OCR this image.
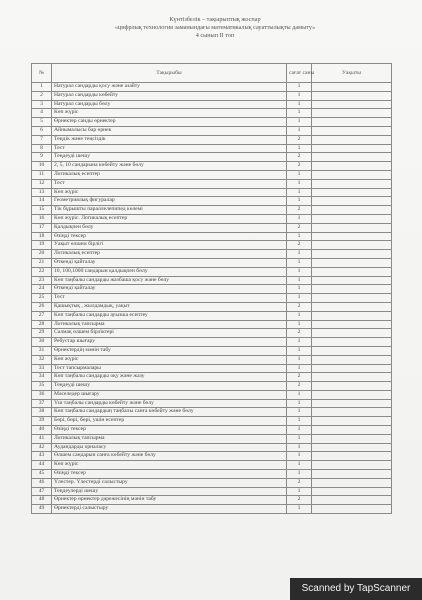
Күнтізбелік – тақырыптық жоспар
«цифрлық технология заманындағы математикалық сауаттылықты дамыту»
4 сынып II топ
№	Тақырыбы	сағат саны	Уақыты
1	Натурал сандарды қосу және азайту	1	
2	Натурал сандарды көбейту	1	
3	Натурал сандарды бөлу	1	
4	Көп жүріс	1	
5	Өрнектер санды өрнектер	1	
6	Айнымалысы бар өрнек	1	
7	Теңдік және теңсіздік	2	
8	Тест	1	
9	Теңдеуді шешу	2	
10	2, 5, 10 сандарына көбейту және бөлу	2	
11	Логикалық есептер	1	
12	Тест	1	
13	Көп жүріс	1	
14	Геометриялық фигуралар	1	
15	Тік бұрышты параллелепипед көлемі	2	
16	Көп жүріс. Логикалық есептер	1	
17	Қалдықпен бөлу	2	
18	Өзіңді тексер	1	
19	Уақыт өлшем бірлігі	2	
20	Логикалық есептер	1	
21	Өткенді қайталау	1	
22	10, 100,1000 сандарын қалдықпен бөлу	1	
23	Көп таңбалы сандарды жазбаша қосу және бөлу	1	
24	Өткенді қайталау	1	
25	Тест	1	
26	Қашықтық , жылдамдық, уақыт	2	
27	Көп таңбалы сандарды ауызша есептеу	1	
28	Логикалық тапсырма	1	
29	Салмақ өлшем бірліктері	2	
30	Ребустар шығару	1	
31	Өрнектердің мәнін табу	1	
32	Көп жүріс	1	
33	Тест тапсырмалары	1	
34	Көп таңбалы сандарды оқу және жазу	2	
35	Теңдеуді шешу	2	
36	Мәселедер шығару	1	
37	Үш таңбалы сандарды көбейту және бөлу	1	
38	Көп таңбалы сандардың таңбалы санға көбейту және бөлу	1	
39	Бөрі, бөрі, бөрі, ушін есептер	1	
40	Өзіңді тексер	1	
41	Логикалық тапсырма	1	
42	Аудандарды орналасу	1	
43	Өлшем сандарын санға көбейту және бөлу	1	
44	Көп жүріс	1	
45	Өзіңді тексер	1	
46	Үлестер. Үлестерді салыстыру	2	
47	Теңдеулерді шешу	1	
48	Өрнектер өрнектер дәрежесінің мәнін табу	2	
49	Өрнектерді салыстыру	1	
Scanned by TapScanner
